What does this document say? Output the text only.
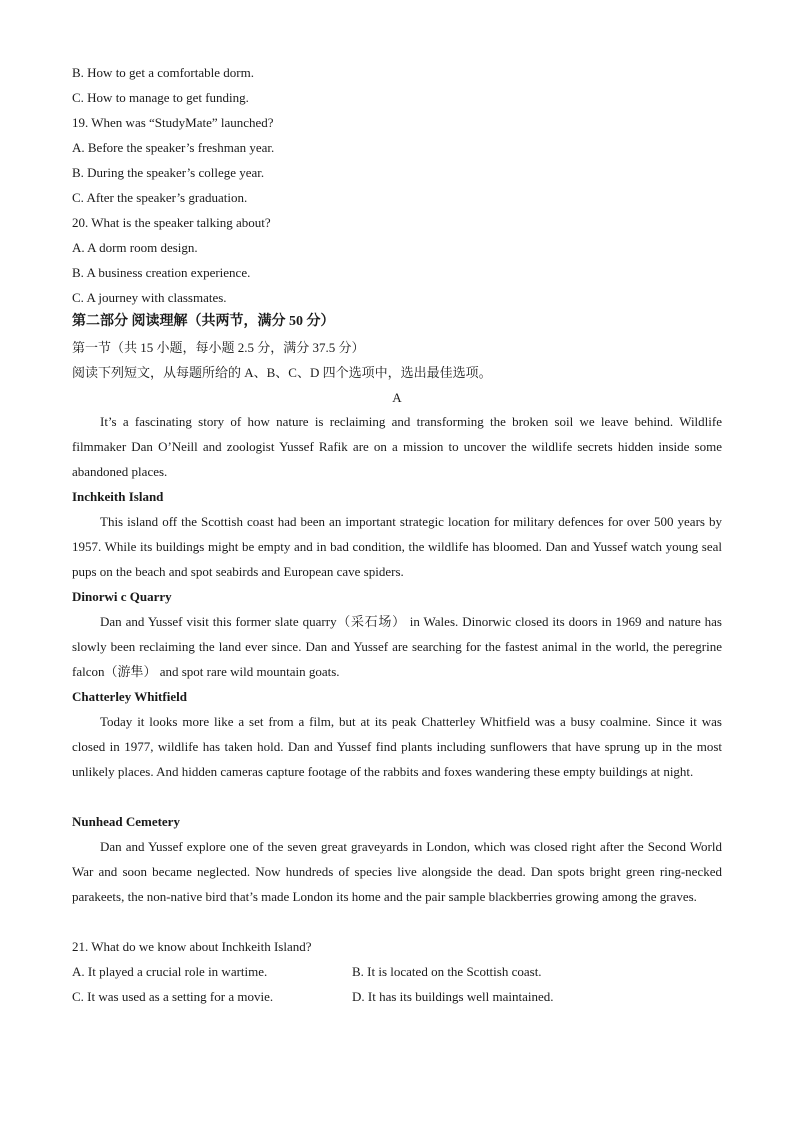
B. How to get a comfortable dorm.
C. How to manage to get funding.
19. When was “StudyMate” launched?
A. Before the speaker’s freshman year.
B. During the speaker’s college year.
C. After the speaker’s graduation.
20. What is the speaker talking about?
A. A dorm room design.
B. A business creation experience.
C. A journey with classmates.
第二部分 阅读理解（共两节，满分 50 分）
第一节（共 15 小题，每小题 2.5 分，满分 37.5 分）
阅读下列短文，从每题所给的 A、B、C、D 四个选项中，选出最佳选项。
A

It’s a fascinating story of how nature is reclaiming and transforming the broken soil we leave behind. Wildlife filmmaker Dan O’Neill and zoologist Yussef Rafik are on a mission to uncover the wildlife secrets hidden inside some abandoned places.

Inchkeith Island

This island off the Scottish coast had been an important strategic location for military defences for over 500 years by 1957. While its buildings might be empty and in bad condition, the wildlife has bloomed. Dan and Yussef watch young seal pups on the beach and spot seabirds and European cave spiders.

Dinorwi c Quarry

Dan and Yussef visit this former slate quarry（采石场） in Wales. Dinorwic closed its doors in 1969 and nature has slowly been reclaiming the land ever since. Dan and Yussef are searching for the fastest animal in the world, the peregrine falcon（游隼） and spot rare wild mountain goats.

Chatterley Whitfield

Today it looks more like a set from a film, but at its peak Chatterley Whitfield was a busy coalmine. Since it was closed in 1977, wildlife has taken hold. Dan and Yussef find plants including sunflowers that have sprung up in the most unlikely places. And hidden cameras capture footage of the rabbits and foxes wandering these empty buildings at night.

Nunhead Cemetery

Dan and Yussef explore one of the seven great graveyards in London, which was closed right after the Second World War and soon became neglected. Now hundreds of species live alongside the dead. Dan spots bright green ring-necked parakeets, the non-native bird that’s made London its home and the pair sample blackberries growing among the graves.

21. What do we know about Inchkeith Island?
A. It played a crucial role in wartime.	B. It is located on the Scottish coast.
C. It was used as a setting for a movie.	D. It has its buildings well maintained.
